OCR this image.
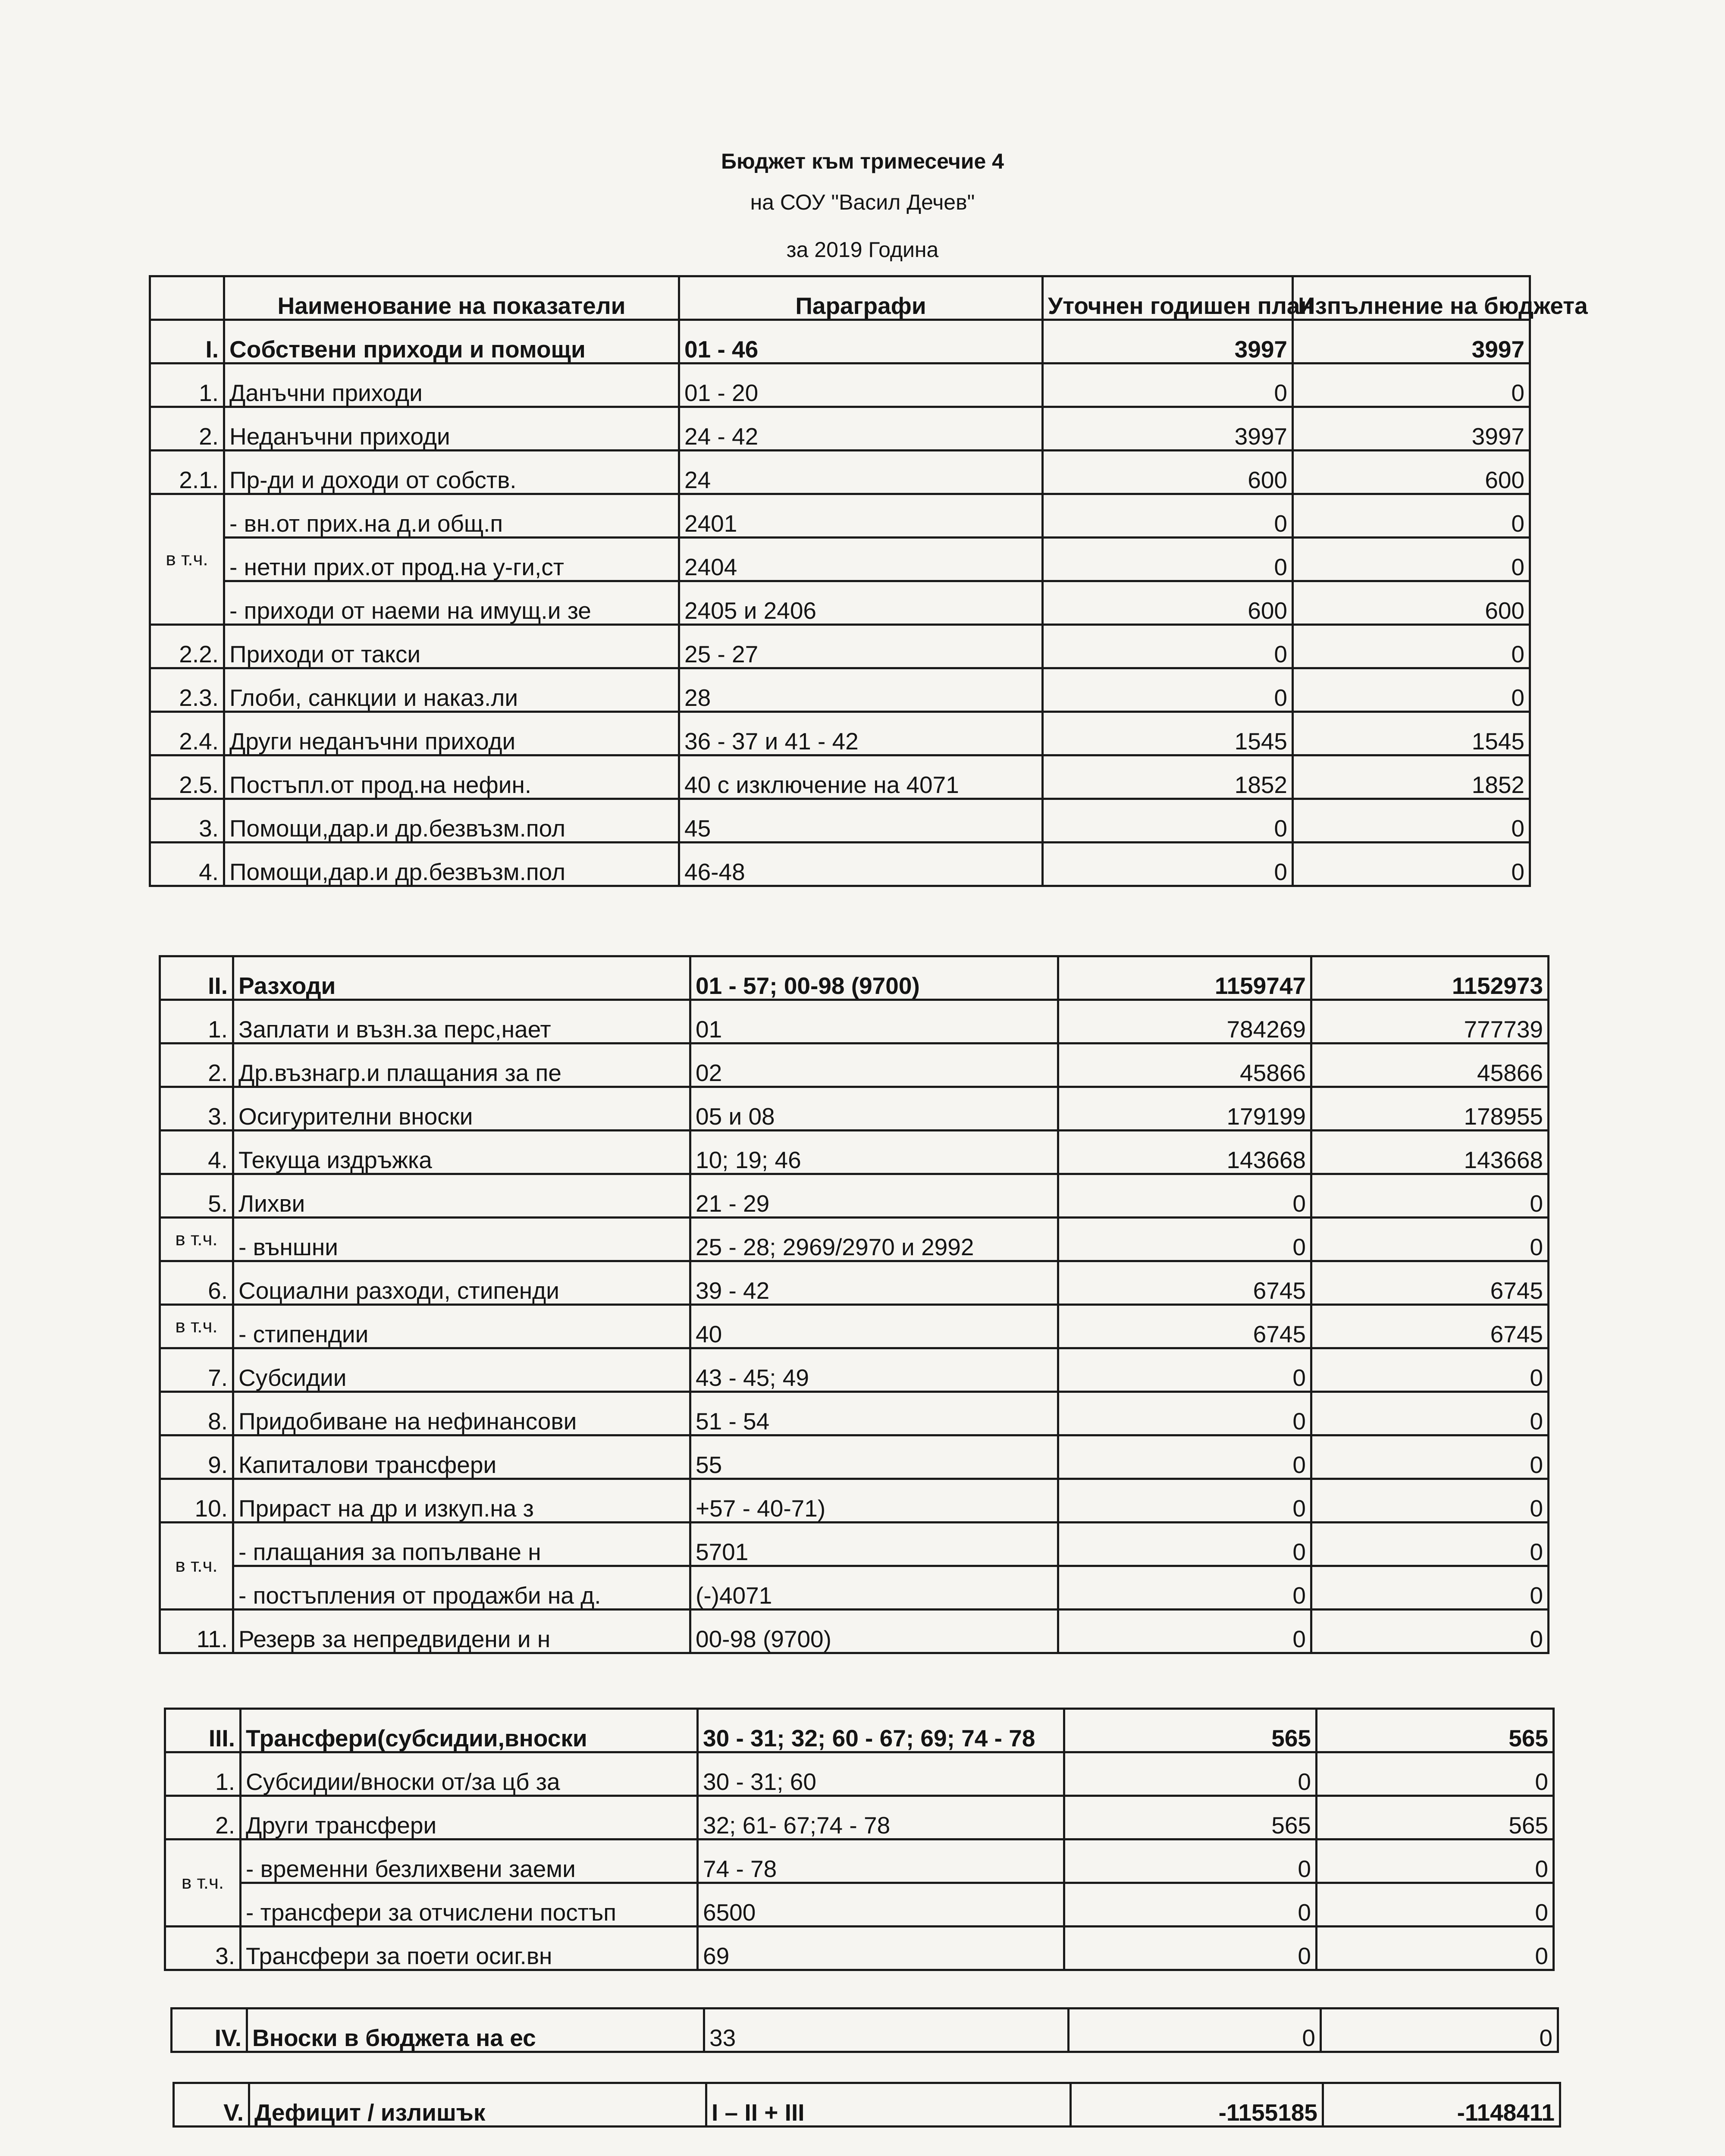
Бюджет към тримесечие 4
на СОУ "Васил Дечев"
за 2019 Година
	Наименование на показатели	Параграфи	Уточнен годишен план	Изпълнение на бюджета
I.	Собствени приходи и помощи	01 - 46	3997	3997
1.	Данъчни приходи	01 - 20	0	0
2.	Неданъчни приходи	24 - 42	3997	3997
2.1.	Пр-ди и доходи от собств.	24	600	600
в т.ч.	- вн.от прих.на д.и общ.п	2401	0	0
	- нетни прих.от прод.на у-ги,ст	2404	0	0
	- приходи от наеми на имущ.и зе	2405 и 2406	600	600
2.2.	Приходи от такси	25 - 27	0	0
2.3.	Глоби, санкции и наказ.ли	28	0	0
2.4.	Други неданъчни приходи	36 - 37 и 41 - 42	1545	1545
2.5.	Постъпл.от прод.на нефин.	40 с изключение на 4071	1852	1852
3.	Помощи,дар.и др.безвъзм.пол	45	0	0
4.	Помощи,дар.и др.безвъзм.пол	46-48	0	0
II.	Разходи	01 - 57; 00-98 (9700)	1159747	1152973
1.	Заплати и възн.за перс,нает	01	784269	777739
2.	Др.възнагр.и плащания за пе	02	45866	45866
3.	Осигурителни вноски	05 и 08	179199	178955
4.	Текуща издръжка	10; 19; 46	143668	143668
5.	Лихви	21 - 29	0	0
в т.ч.	- външни	25 - 28; 2969/2970 и 2992	0	0
6.	Социални разходи, стипенди	39 - 42	6745	6745
в т.ч.	- стипендии	40	6745	6745
7.	Субсидии	43 - 45; 49	0	0
8.	Придобиване на нефинансови	51 - 54	0	0
9.	Капиталови трансфери	55	0	0
10.	Прираст на др и изкуп.на з	+57 - 40-71)	0	0
в т.ч.	- плащания за попълване н	5701	0	0
	- постъпления от продажби на д.	(-)4071	0	0
11.	Резерв за непредвидени и н	00-98 (9700)	0	0
III.	Трансфери(субсидии,вноски	30 - 31; 32; 60 - 67; 69; 74 - 78	565	565
1.	Субсидии/вноски от/за цб за	30 - 31; 60	0	0
2.	Други трансфери	32; 61- 67;74 - 78	565	565
в т.ч.	- временни безлихвени заеми	74 - 78	0	0
	- трансфери за отчислени постъп	6500	0	0
3.	Трансфери за поети осиг.вн	69	0	0
IV.	Вноски в бюджета на ес	33	0	0
V.	Дефицит / излишък	I – II + III	-1155185	-1148411
